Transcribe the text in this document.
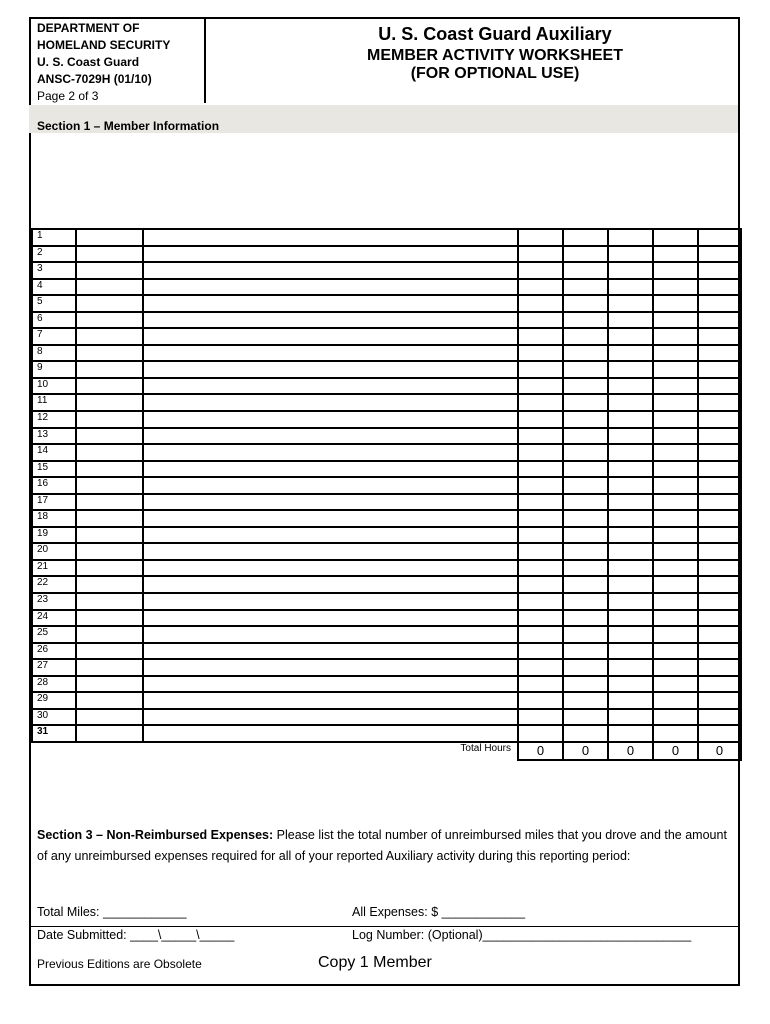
DEPARTMENT OF
HOMELAND SECURITY
U. S. Coast Guard
ANSC-7029H (01/10)
Page 2 of 3
U. S. Coast Guard Auxiliary
MEMBER ACTIVITY WORKSHEET
(FOR OPTIONAL USE)
Section 1 – Member Information
1							
2							
3							
4							
5							
6							
7							
8							
9							
10							
11							
12							
13							
14							
15							
16							
17							
18							
19							
20							
21							
22							
23							
24							
25							
26							
27							
28							
29							
30							
31							
Total Hours			0	0	0	0	0
Section 3 – Non-Reimbursed Expenses: Please list the total number of unreimbursed miles that you drove and the amount of any unreimbursed expenses required for all of your reported Auxiliary activity during this reporting period:
Total Miles: ____________	All Expenses: $ ____________
Date Submitted: ____\_____\_____	Log Number: (Optional)______________________________
Previous Editions are Obsolete	Copy 1 Member
